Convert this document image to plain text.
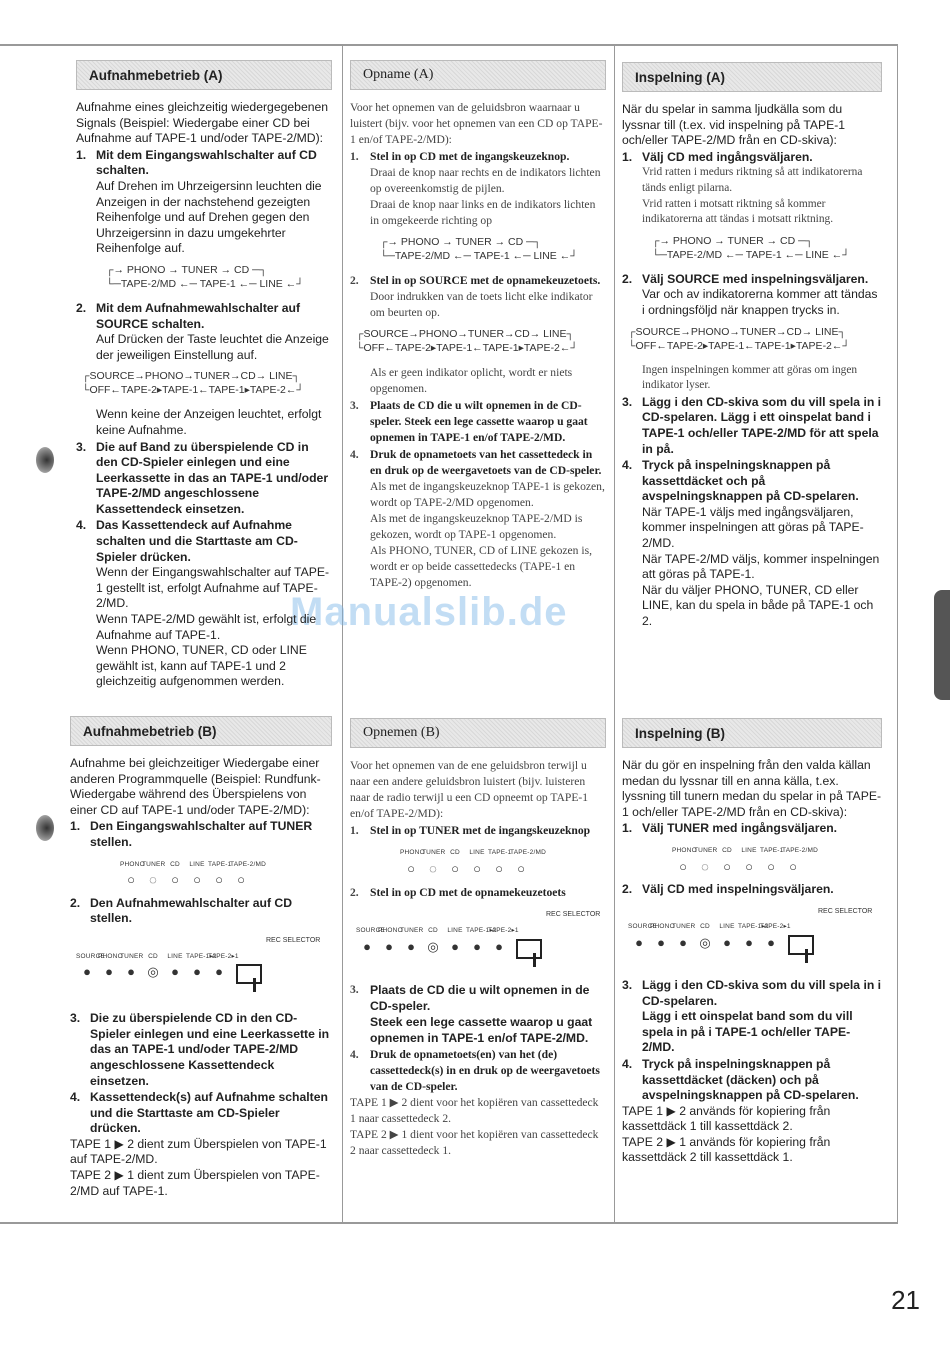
Manualslib.de
Aufnahmebetrieb (A)
Aufnahme eines gleichzeitig wiedergegebenen Signals (Beispiel: Wiedergabe einer CD bei Aufnahme auf TAPE-1 und/oder TAPE-2/MD):
1. Mit dem Eingangswahlschalter auf CD schalten.
Auf Drehen im Uhrzeigersinn leuchten die Anzeigen in der nachstehend gezeigten Reihenfolge und auf Drehen gegen den Uhrzeigersinn in dazu umgekehrter Reihenfolge auf.
┌→ PHONO → TUNER → CD ─┐
└─TAPE-2/MD ←─ TAPE-1 ←─ LINE ←┘
2. Mit dem Aufnahmewahlschalter auf SOURCE schalten.
Auf Drücken der Taste leuchtet die Anzeige der jeweiligen Einstellung auf.
┌SOURCE→PHONO→TUNER→CD→ LINE┐
└OFF←TAPE-2▸TAPE-1←TAPE-1▸TAPE-2←┘
Wenn keine der Anzeigen leuchtet, erfolgt keine Aufnahme.
3. Die auf Band zu überspielende CD in den CD-Spieler einlegen und eine Leerkassette in das an TAPE-1 und/oder TAPE-2/MD angeschlossene Kassettendeck einsetzen.
4. Das Kassettendeck auf Aufnahme schalten und die Starttaste am CD-Spieler drücken.
Wenn der Eingangswahlschalter auf TAPE-1 gestellt ist, erfolgt Aufnahme auf TAPE-2/MD.
Wenn TAPE-2/MD gewählt ist, erfolgt die Aufnahme auf TAPE-1.
Wenn PHONO, TUNER, CD oder LINE gewählt ist, kann auf TAPE-1 und 2 gleichzeitig aufgenommen werden.
Aufnahmebetrieb (B)
Aufnahme bei gleichzeitiger Wiedergabe einer anderen Programmquelle (Beispiel: Rundfunk-Wiedergabe während des Überspielens von einer CD auf TAPE-1 und/oder TAPE-2/MD):
1. Den Eingangswahlschalter auf TUNER stellen.
PHONO
TUNER CD	LINE TAPE-1
TAPE-2/MD
○	◌	○	○	○	○
2. Den Aufnahmewahlschalter auf CD stellen.
REC SELECTOR
SOURCE
PHONO
TUNER CD	LINE TAPE-1▸2
TAPE-2▸1
●	●	● ◎ ●	●	●
3. Die zu überspielende CD in den CD-Spieler einlegen und eine Leerkassette in das an TAPE-1 und/oder TAPE-2/MD angeschlossene Kassettendeck einsetzen.
4. Kassettendeck(s) auf Aufnahme schalten und die Starttaste am CD-Spieler drücken.
TAPE 1 ▶ 2 dient zum Überspielen von TAPE-1 auf TAPE-2/MD.
TAPE 2 ▶ 1 dient zum Überspielen von TAPE-2/MD auf TAPE-1.
Opname (A)
Voor het opnemen van de geluidsbron waarnaar u luistert (bijv. voor het opnemen van een CD op TAPE-1 en/of TAPE-2/MD):
1. Stel in op CD met de ingangskeuzeknop.
Draai de knop naar rechts en de indikators lichten op overeenkomstig de pijlen.
Draai de knop naar links en de indikators lichten in omgekeerde richting op
┌→ PHONO → TUNER → CD ─┐
└─TAPE-2/MD ←─ TAPE-1 ←─ LINE ←┘
2. Stel in op SOURCE met de opnamekeuzetoets.
Door indrukken van de toets licht elke indikator om beurten op.
┌SOURCE→PHONO→TUNER→CD→ LINE┐
└OFF←TAPE-2▸TAPE-1←TAPE-1▸TAPE-2←┘
Als er geen indikator oplicht, wordt er niets opgenomen.
3. Plaats de CD die u wilt opnemen in de CD-speler. Steek een lege cassette waarop u gaat opnemen in TAPE-1 en/of TAPE-2/MD.
4. Druk de opnametoets van het cassettedeck in en druk op de weergavetoets van de CD-speler.
Als met de ingangskeuzeknop TAPE-1 is gekozen, wordt op TAPE-2/MD opgenomen.
Als met de ingangskeuzeknop TAPE-2/MD is gekozen, wordt op TAPE-1 opgenomen.
Als PHONO, TUNER, CD of LINE gekozen is, wordt er op beide cassettedecks (TAPE-1 en TAPE-2) opgenomen.
Opnemen (B)
Voor het opnemen van de ene geluidsbron terwijl u naar een andere geluidsbron luistert (bijv. luisteren naar de radio terwijl u een CD opneemt op TAPE-1 en/of TAPE-2/MD):
1. Stel in op TUNER met de ingangskeuzeknop
PHONO
TUNER CD	LINE TAPE-1
TAPE-2/MD
○	◌	○	○	○	○
2. Stel in op CD met de opnamekeuzetoets
REC SELECTOR
SOURCE
PHONO
TUNER CD	LINE TAPE-1▸2
TAPE-2▸1
●	●	● ◎ ●	●	●
3. Plaats de CD die u wilt opnemen in de CD-speler.
Steek een lege cassette waarop u gaat opnemen in TAPE-1 en/of TAPE-2/MD.
4. Druk de opnametoets(en) van het (de) cassettedeck(s) in en druk op de weergavetoets van de CD-speler.
TAPE 1 ▶ 2 dient voor het kopiëren van cassettedeck 1 naar cassettedeck 2.
TAPE 2 ▶ 1 dient voor het kopiëren van cassettedeck 2 naar cassettedeck 1.
Inspelning (A)
När du spelar in samma ljudkälla som du lyssnar till (t.ex. vid inspelning på TAPE-1 och/eller TAPE-2/MD från en CD-skiva):
1. Välj CD med ingångsväljaren.
Vrid ratten i medurs riktning så att indikatorerna tänds enligt pilarna.
Vrid ratten i motsatt riktning så kommer indikatorerna att tändas i motsatt riktning.
┌→ PHONO → TUNER → CD ─┐
└─TAPE-2/MD ←─ TAPE-1 ←─ LINE ←┘
2. Välj SOURCE med inspelningsväljaren.
Var och av indikatorerna kommer att tändas i ordningsföljd när knappen trycks in.
┌SOURCE→PHONO→TUNER→CD→ LINE┐
└OFF←TAPE-2▸TAPE-1←TAPE-1▸TAPE-2←┘
Ingen inspelningen kommer att göras om ingen indikator lyser.
3. Lägg i den CD-skiva som du vill spela in i CD-spelaren. Lägg i ett oinspelat band i TAPE-1 och/eller TAPE-2/MD för att spela in på.
4. Tryck på inspelningsknappen på kassettdäcket och på avspelningsknappen på CD-spelaren.
När TAPE-1 väljs med ingångsväljaren, kommer inspelningen att göras på TAPE-2/MD.
När TAPE-2/MD väljs, kommer inspelningen att göras på TAPE-1.
När du väljer PHONO, TUNER, CD eller LINE, kan du spela in både på TAPE-1 och 2.
Inspelning (B)
När du gör en inspelning från den valda källan medan du lyssnar till en anna källa, t.ex. lyssning till tunern medan du spelar in på TAPE-1 och/eller TAPE-2/MD från en CD-skiva):
1. Välj TUNER med ingångsväljaren.
PHONO
TUNER CD	LINE TAPE-1
TAPE-2/MD
○	◌	○	○	○	○
2. Välj CD med inspelningsväljaren.
REC SELECTOR
SOURCE
PHONO
TUNER CD	LINE TAPE-1▸2
TAPE-2▸1
●	●	● ◎ ●	●	●
3. Lägg i den CD-skiva som du vill spela in i CD-spelaren.
Lägg i ett oinspelat band som du vill spela in på i TAPE-1 och/eller TAPE-2/MD.
4. Tryck på inspelningsknappen på kassettdäcket (däcken) och på avspelningsknappen på CD-spelaren.
TAPE 1 ▶ 2 används för kopiering från kassettdäck 1 till kassettdäck 2.
TAPE 2 ▶ 1 används för kopiering från kassettdäck 2 till kassettdäck 1.
21
